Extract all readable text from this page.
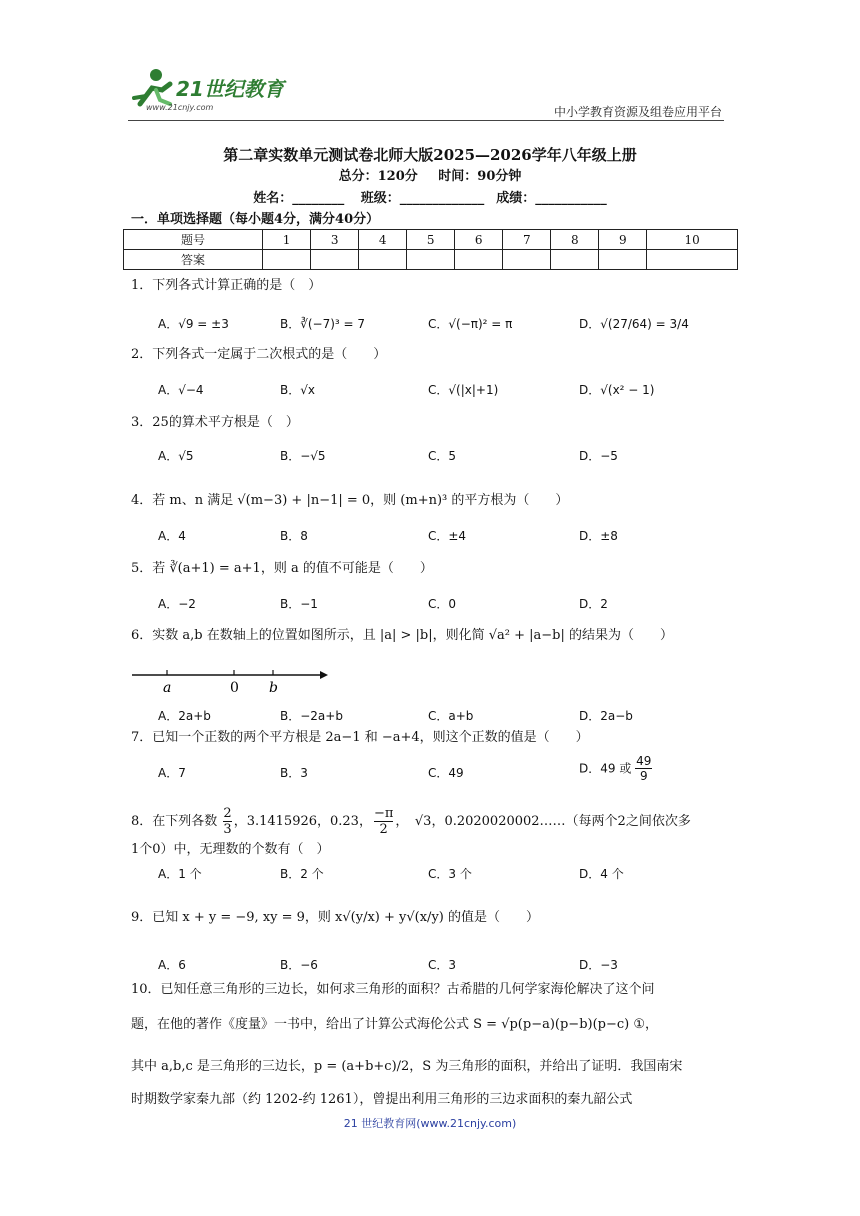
21世纪教育
www.21cnjy.com	中小学教育资源及组卷应用平台
第二章实数单元测试卷北师大版2025—2026学年八年级上册
总分：120分 时间：90分钟
姓名：________ 班级：_____________ 成绩：___________
一．单项选择题（每小题4分，满分40分）
题号	1	3	4	5	6	7	8	9	10
答案									
1．下列各式计算正确的是（　）
A．√9 = ±3	B．∛(−7)³ = 7	C．√(−π)² = π	D．√(27/64) = 3/4
2．下列各式一定属于二次根式的是（　　）
A．√−4	B．√x	C．√(|x|+1)	D．√(x² − 1)
3．25的算术平方根是（　）
A．√5	B．−√5	C．5	D．−5
4．若 m、n 满足 √(m−3) + |n−1| = 0，则 (m+n)³ 的平方根为（　　）
A．4	B．8	C．±4	D．±8
5．若 ∛(a+1) = a+1，则 a 的值不可能是（　　）
A．−2	B．−1	C．0	D．2
6．实数 a,b 在数轴上的位置如图所示，且 |a| > |b|，则化简 √a² + |a−b| 的结果为（　　）
a	0 b
A．2a+b	B．−2a+b	C．a+b	D．2a−b
7．已知一个正数的两个平方根是 2a−1 和 −a+4，则这个正数的值是（　　）
A．7	B．3	C．49	D．49 或 $\frac{49}{9}$
8．在下列各数 $\frac{2}{3}$ ，3.1415926，0.23， $\frac{-\pi}{2}$ ，　√3，0.2020020002……（每两个2之间依次多
1个0）中，无理数的个数有（　）
A．1 个	B．2 个	C．3 个	D．4 个
9．已知 x + y = −9, xy = 9，则 x√(y/x) + y√(x/y) 的值是（　　）
A．6	B．−6	C．3	D．−3
10．已知任意三角形的三边长，如何求三角形的面积？古希腊的几何学家海伦解决了这个问
题，在他的著作《度量》一书中，给出了计算公式海伦公式 S = √p(p−a)(p−b)(p−c) ①，
其中 a,b,c 是三角形的三边长，p = (a+b+c)/2，S 为三角形的面积，并给出了证明．我国南宋
时期数学家秦九部（约 1202-约 1261），曾提出利用三角形的三边求面积的秦九韶公式
21 世纪教育网(www.21cnjy.com)
